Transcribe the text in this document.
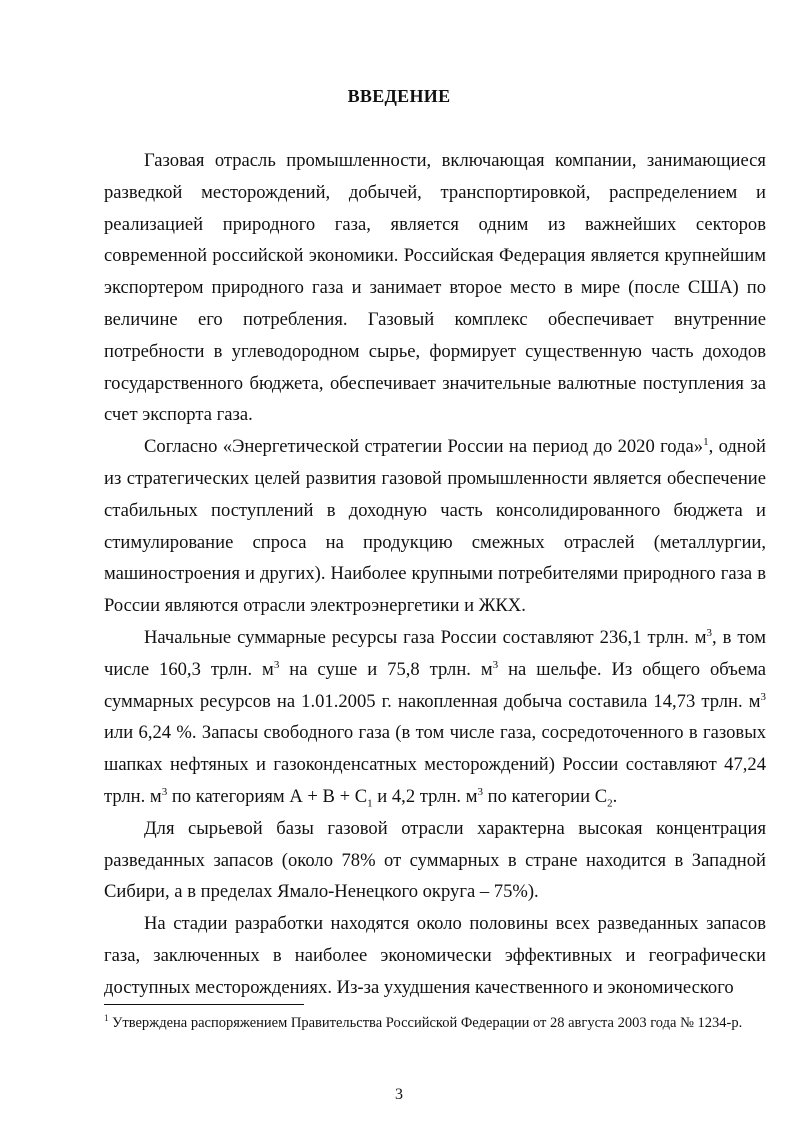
ВВЕДЕНИЕ

Газовая отрасль промышленности, включающая компании, занимающиеся разведкой месторождений, добычей, транспортировкой, распределением и реализацией природного газа, является одним из важнейших секторов современной российской экономики. Российская Федерация является крупнейшим экспортером природного газа и занимает второе место в мире (после США) по величине его потребления. Газовый комплекс обеспечивает внутренние потребности в углеводородном сырье, формирует существенную часть доходов государственного бюджета, обеспечивает значительные валютные поступления за счет экспорта газа.

Согласно «Энергетической стратегии России на период до 2020 года»$^1$, одной из стратегических целей развития газовой промышленности является обеспечение стабильных поступлений в доходную часть консолидированного бюджета и стимулирование спроса на продукцию смежных отраслей (металлургии, машиностроения и других). Наиболее крупными потребителями природного газа в России являются отрасли электроэнергетики и ЖКХ.

Начальные суммарные ресурсы газа России составляют 236,1 трлн. $м^3$, в том числе 160,3 трлн. $м^3$ на суше и 75,8 трлн. $м^3$ на шельфе. Из общего объема суммарных ресурсов на 1.01.2005 г. накопленная добыча составила 14,73 трлн. $м^3$ или 6,24 %. Запасы свободного газа (в том числе газа, сосредоточенного в газовых шапках нефтяных и газоконденсатных месторождений) России составляют 47,24 трлн. $м^3$ по категориям $А + В + С_1$ и 4,2 трлн. $м^3$ по категории $С_2$.

Для сырьевой базы газовой отрасли характерна высокая концентрация разведанных запасов (около 78% от суммарных в стране находится в Западной Сибири, а в пределах Ямало-Ненецкого округа – 75%).

На стадии разработки находятся около половины всех разведанных запасов газа, заключенных в наиболее экономически эффективных и географически доступных месторождениях. Из-за ухудшения качественного и экономического

$^1$ Утверждена распоряжением Правительства Российской Федерации от 28 августа 2003 года № 1234-р.
3
